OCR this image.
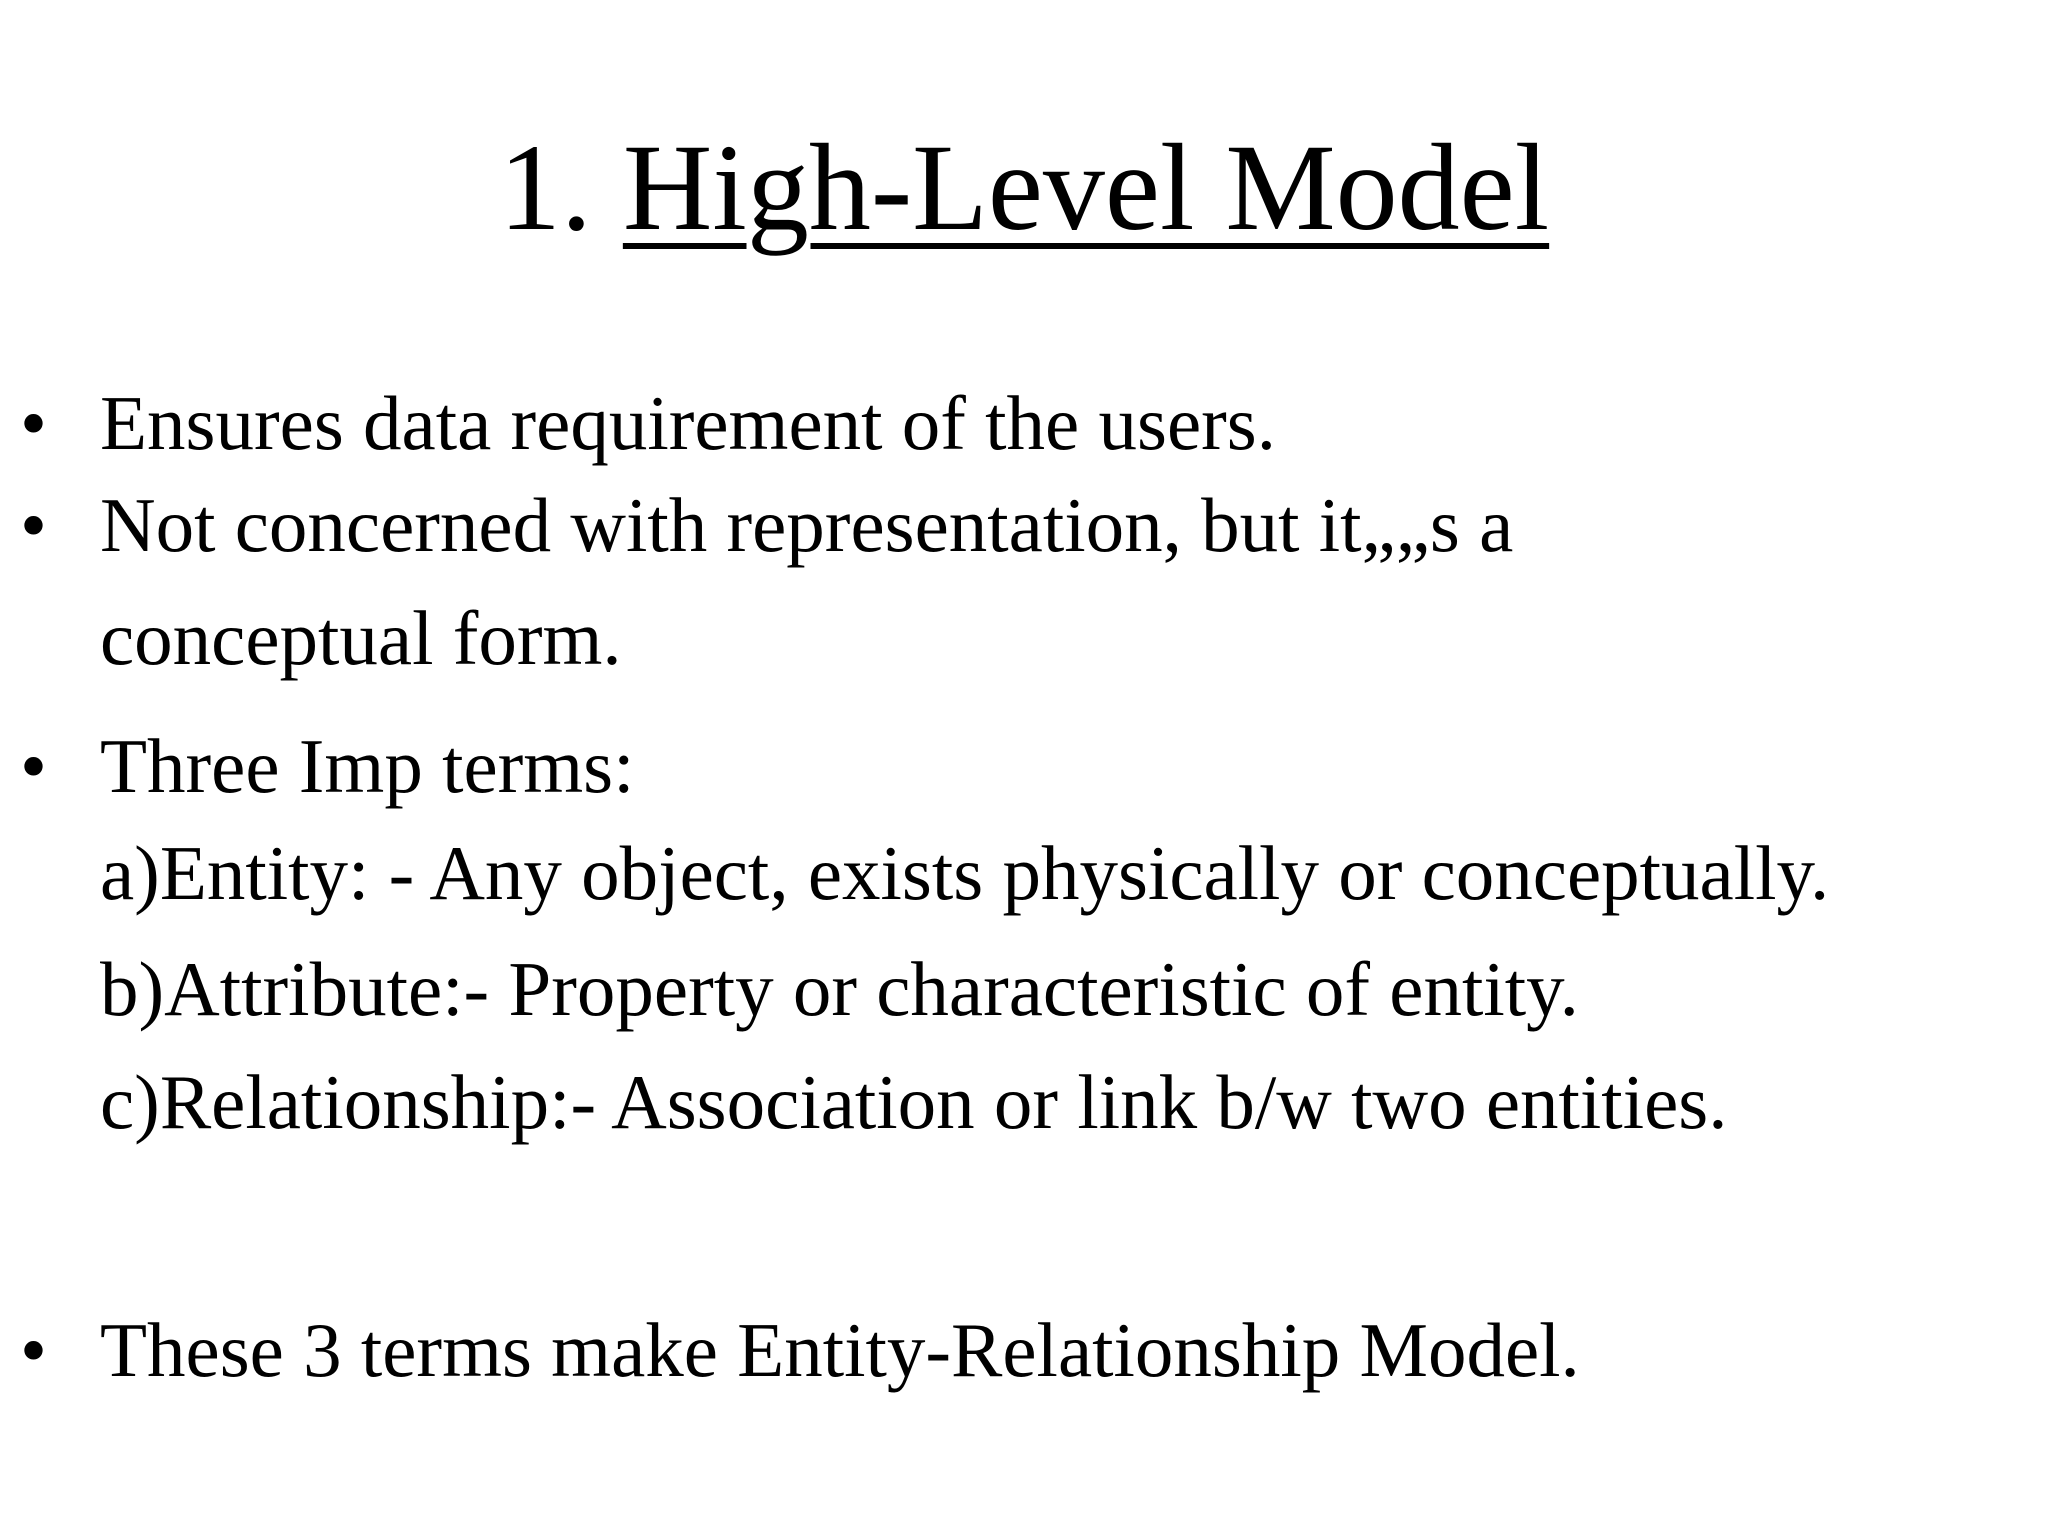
1. High-Level Model
• Ensures data requirement of the users.
• Not concerned with representation, but it„„s a
conceptual form.
• Three Imp terms:
a)Entity: - Any object, exists physically or conceptually.
b)Attribute:- Property or characteristic of entity.
c)Relationship:- Association or link b/w two entities.
• These 3 terms make Entity-Relationship Model.
